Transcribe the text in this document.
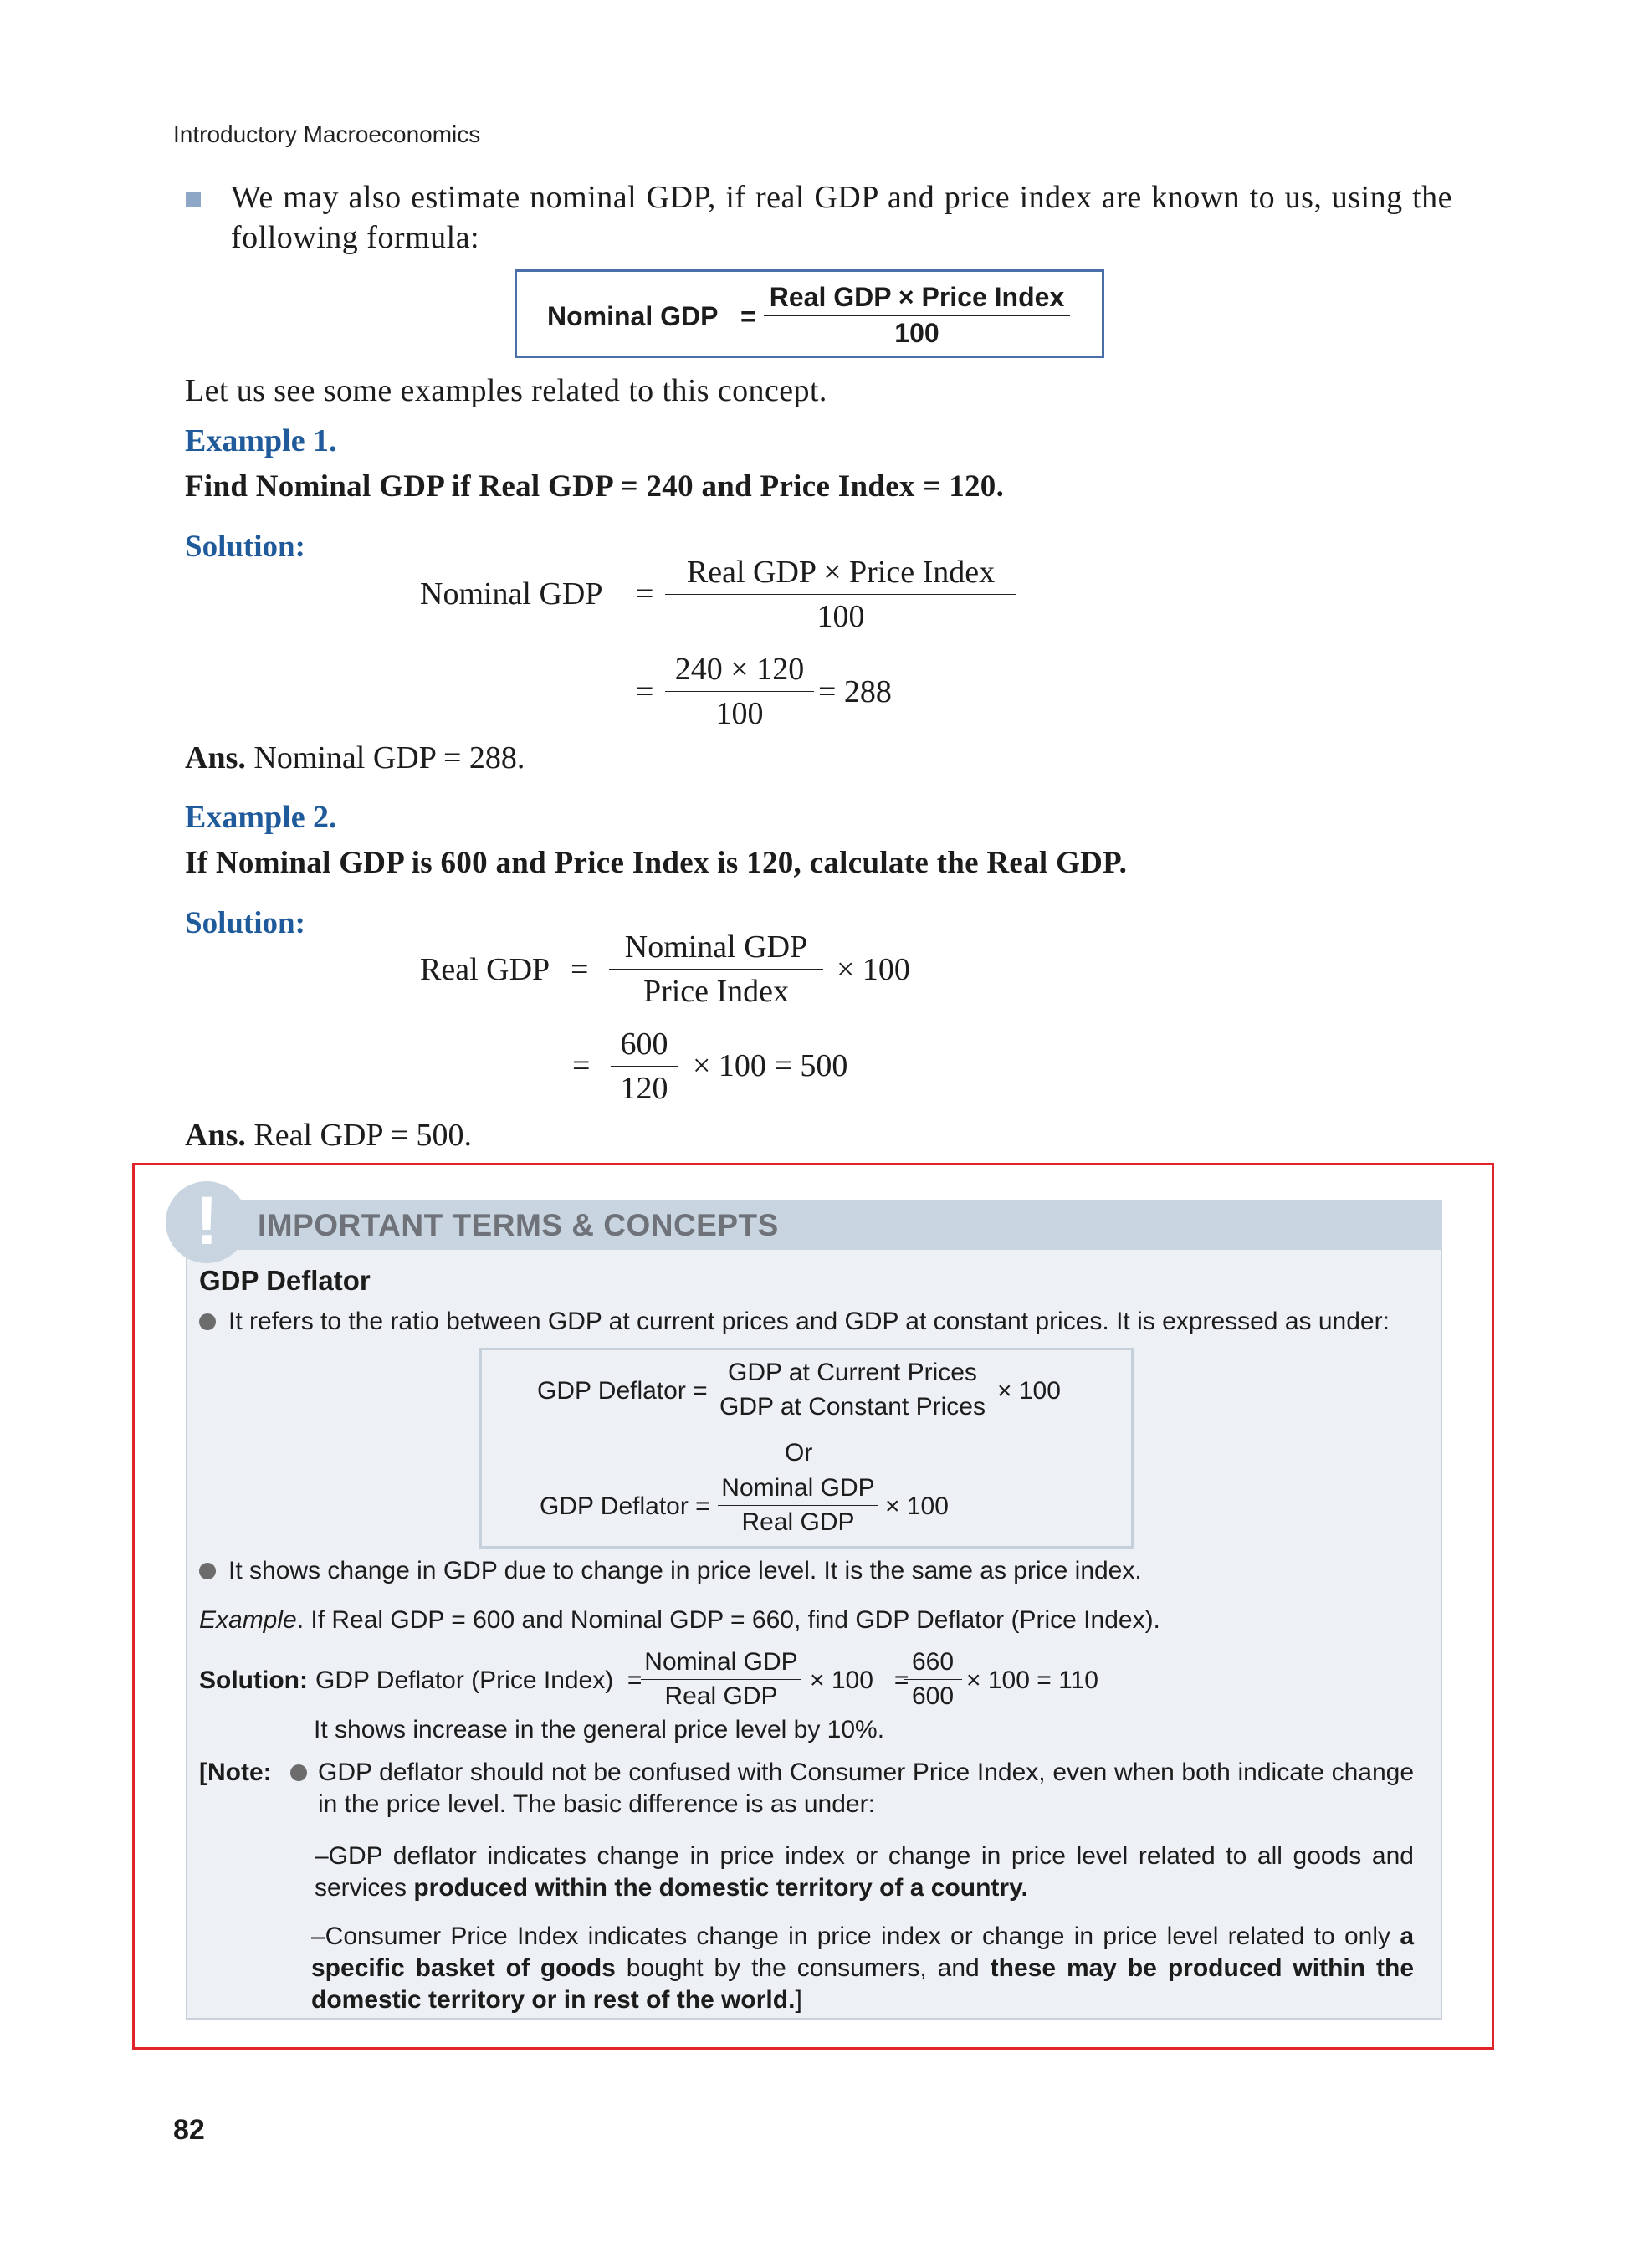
Introductory Macroeconomics
We may also estimate nominal GDP, if real GDP and price index are known to us, using the following formula:
Nominal GDP =
Real GDP × Price Index
100
Let us see some examples related to this concept.
Example 1.
Find Nominal GDP if Real GDP = 240 and Price Index = 120.
Solution:
Nominal GDP =
Real GDP × Price Index
100
=
240 × 120
100
= 288
Ans. Nominal GDP = 288.
Example 2.
If Nominal GDP is 600 and Price Index is 120, calculate the Real GDP.
Solution:
Real GDP =
Nominal GDP
Price Index
× 100
=
600
120
× 100 = 500
Ans. Real GDP = 500.
!	IMPORTANT TERMS & CONCEPTS
GDP Deflator
It refers to the ratio between GDP at current prices and GDP at constant prices. It is expressed as under:
GDP Deflator =
GDP at Current Prices
GDP at Constant Prices
× 100
Or
GDP Deflator =
Nominal GDP
Real GDP
× 100
It shows change in GDP due to change in price level. It is the same as price index.
Example. If Real GDP = 600 and Nominal GDP = 660, find GDP Deflator (Price Index).
Solution: GDP Deflator (Price Index)  =
Nominal GDP
Real GDP
× 100   =
660
600
× 100 = 110
It shows increase in the general price level by 10%.
[Note: GDP deflator should not be confused with Consumer Price Index, even when both indicate change in the price level. The basic difference is as under:
–GDP deflator indicates change in price index or change in price level related to all goods and services produced within the domestic territory of a country.
–Consumer Price Index indicates change in price index or change in price level related to only a specific basket of goods bought by the consumers, and these may be produced within the domestic territory or in rest of the world.]
82
